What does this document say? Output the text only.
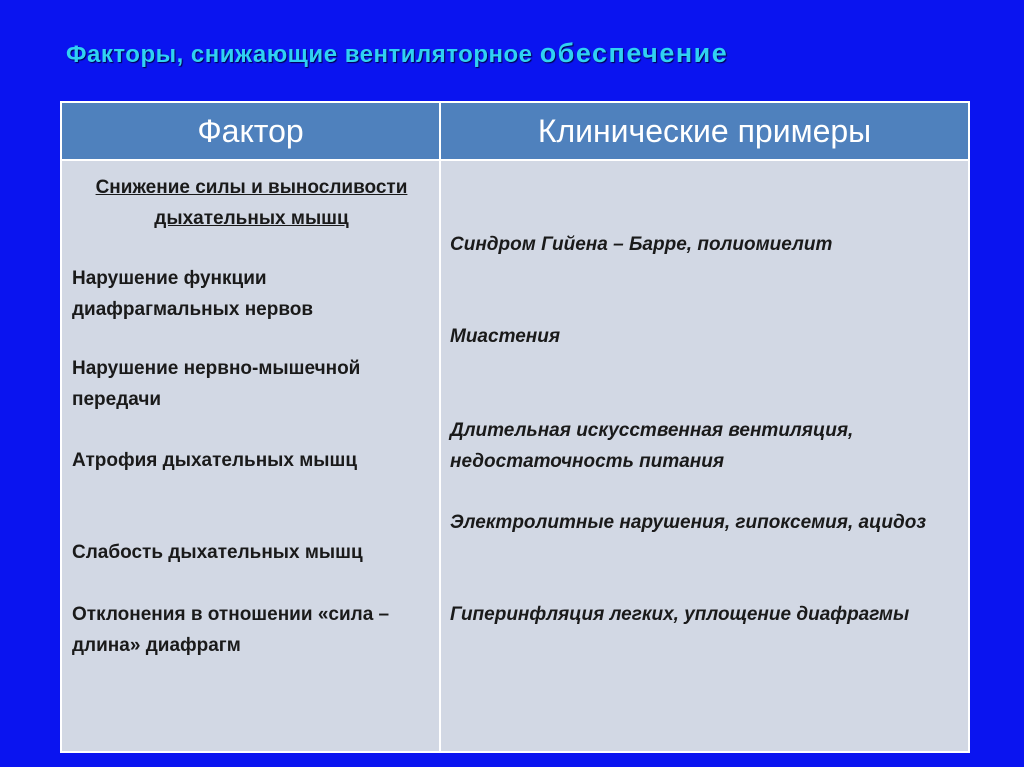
Факторы, снижающие вентиляторное обеспечение
Фактор	Клинические примеры
Снижение силы и выносливости дыхательных мышц
Нарушение функции диафрагмальных нервов
Нарушение нервно-мышечной передачи
Атрофия дыхательных мышц
Слабость дыхательных мышц
Отклонения в отношении «сила – длина» диафрагм
Синдром Гийена – Барре, полиомиелит
Миастения
Длительная искусственная вентиляция, недостаточность питания
Электролитные нарушения, гипоксемия, ацидоз
Гиперинфляция легких, уплощение диафрагмы
